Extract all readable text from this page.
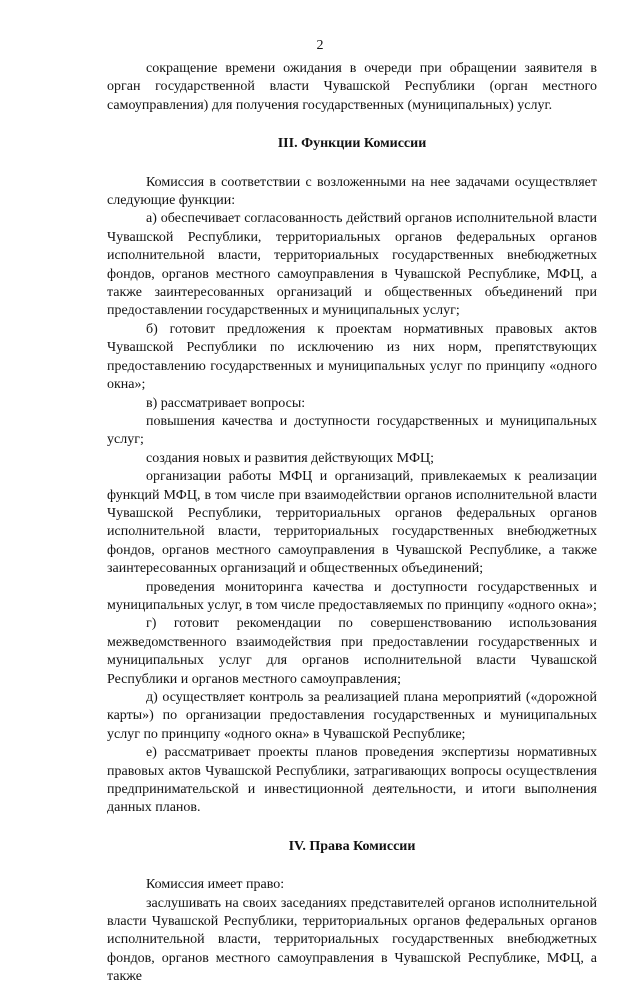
2

сокращение времени ожидания в очереди при обращении заявителя в орган государственной власти Чувашской Республики (орган местного самоуправления) для получения государственных (муниципальных) услуг.

III. Функции Комиссии

Комиссия в соответствии с возложенными на нее задачами осуществляет следующие функции:

а) обеспечивает согласованность действий органов исполнительной власти Чувашской Республики, территориальных органов федеральных органов исполнительной власти, территориальных государственных внебюджетных фондов, органов местного самоуправления в Чувашской Республике, МФЦ, а также заинтересованных организаций и общественных объединений при предоставлении государственных и муниципальных услуг;

б) готовит предложения к проектам нормативных правовых актов Чувашской Республики по исключению из них норм, препятствующих предоставлению государственных и муниципальных услуг по принципу «одного окна»;

в) рассматривает вопросы:

повышения качества и доступности государственных и муниципальных услуг;

создания новых и развития действующих МФЦ;

организации работы МФЦ и организаций, привлекаемых к реализации функций МФЦ, в том числе при взаимодействии органов исполнительной власти Чувашской Республики, территориальных органов федеральных органов исполнительной власти, территориальных государственных внебюджетных фондов, органов местного самоуправления в Чувашской Республике, а также заинтересованных организаций и общественных объединений;

проведения мониторинга качества и доступности государственных и муниципальных услуг, в том числе предоставляемых по принципу «одного окна»;

г) готовит рекомендации по совершенствованию использования межведомственного взаимодействия при предоставлении государственных и муниципальных услуг для органов исполнительной власти Чувашской Республики и органов местного самоуправления;

д) осуществляет контроль за реализацией плана мероприятий («дорожной карты») по организации предоставления государственных и муниципальных услуг по принципу «одного окна» в Чувашской Республике;

е) рассматривает проекты планов проведения экспертизы нормативных правовых актов Чувашской Республики, затрагивающих вопросы осуществления предпринимательской и инвестиционной деятельности, и итоги выполнения данных планов.

IV. Права Комиссии

Комиссия имеет право:

заслушивать на своих заседаниях представителей органов исполнительной власти Чувашской Республики, территориальных органов федеральных органов исполнительной власти, территориальных государственных внебюджетных фондов, органов местного самоуправления в Чувашской Республике, МФЦ, а также
